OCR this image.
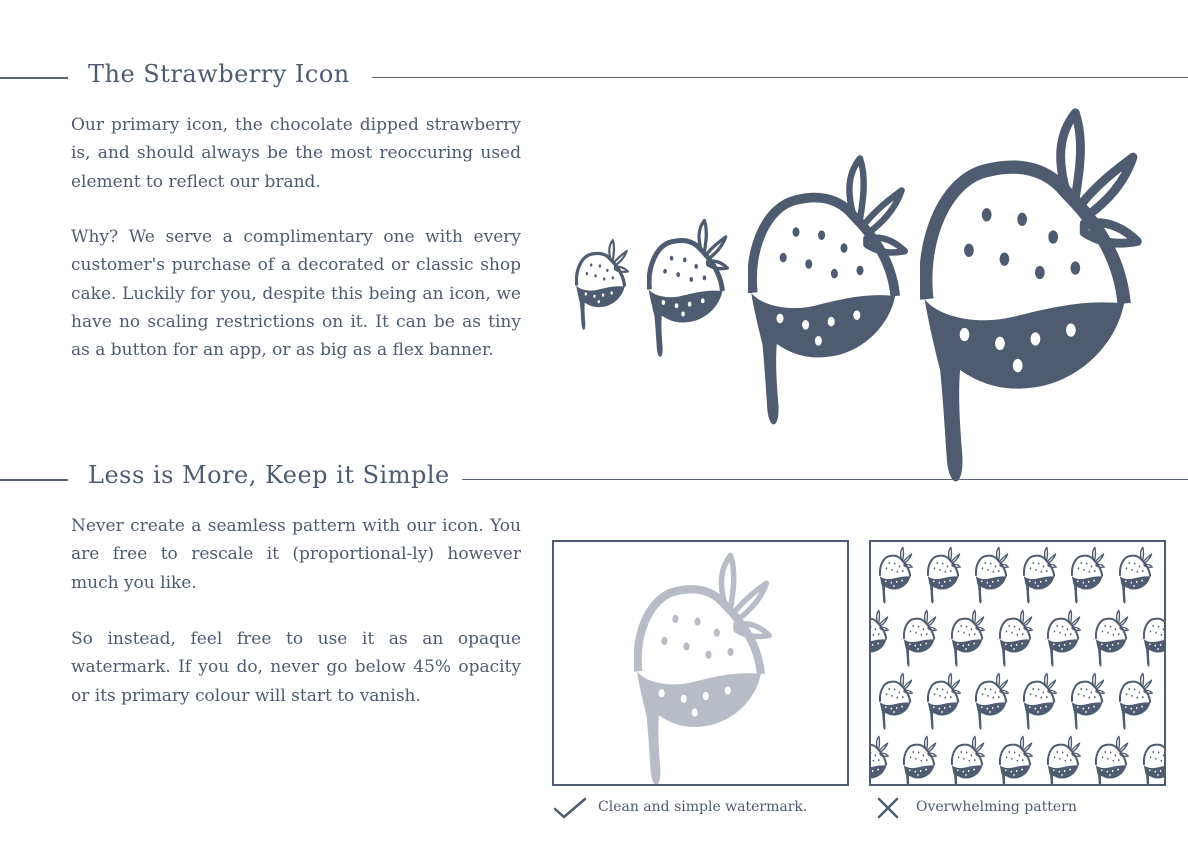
The Strawberry Icon

Our primary icon, the chocolate dipped strawberry is, and should always be the most reoccuring used element to reflect our brand.

Why? We serve a complimentary one with every customer's purchase of a decorated or classic shop cake. Luckily for you, despite this being an icon, we have no scaling restrictions on it. It can be as tiny as a button for an app, or as big as a flex banner.

Less is More, Keep it Simple

Never create a seamless pattern with our icon. You are free to rescale it (proportional-ly) however much you like.

So instead, feel free to use it as an opaque watermark. If you do, never go below 45% opacity or its primary colour will start to vanish.

Clean and simple watermark.	Overwhelming pattern
